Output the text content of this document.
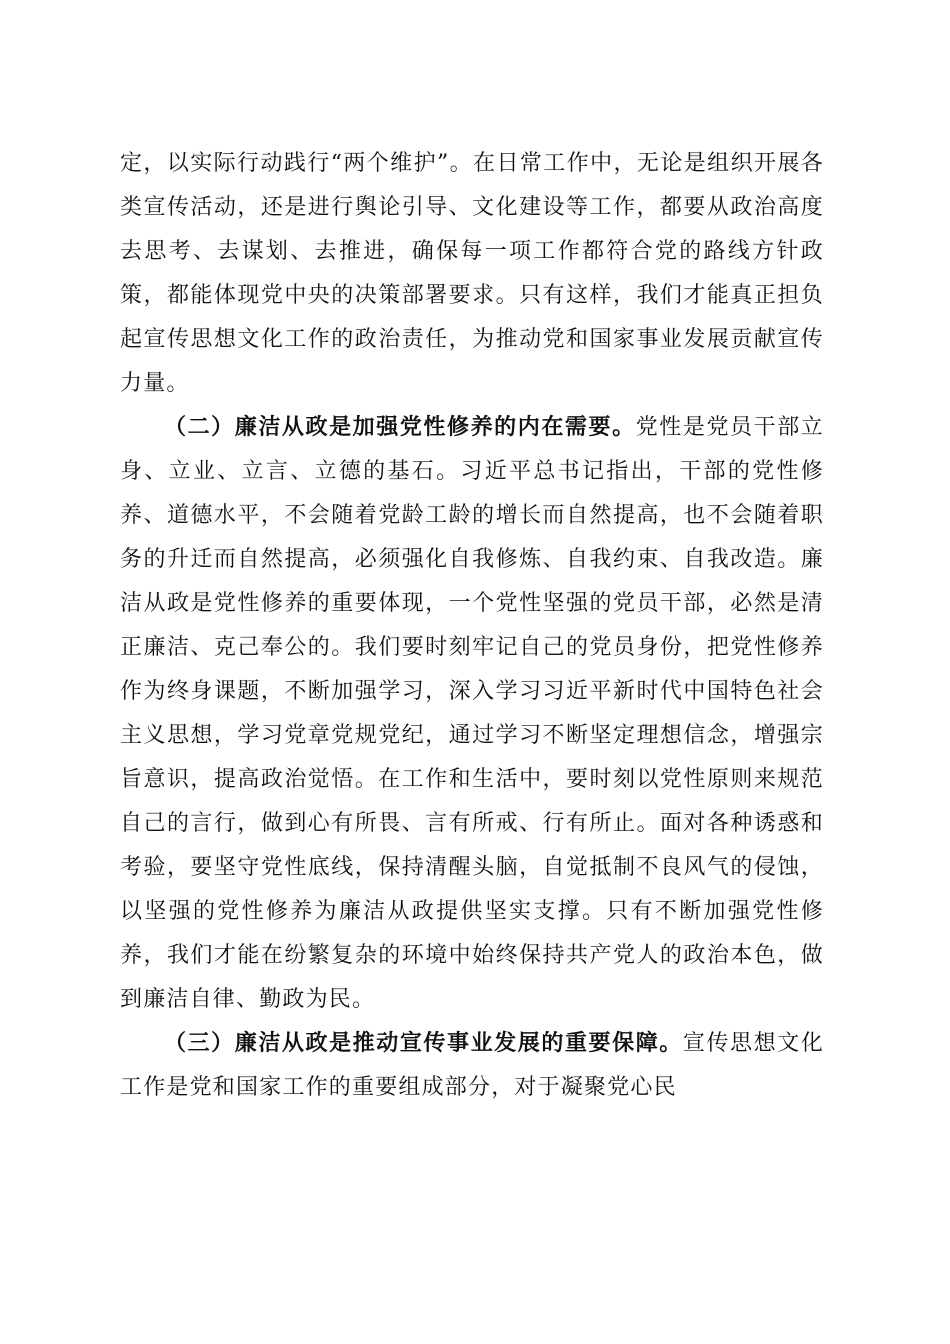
定，以实际行动践行“两个维护”。在日常工作中，无论是组织开展各类宣传活动，还是进行舆论引导、文化建设等工作，都要从政治高度去思考、去谋划、去推进，确保每一项工作都符合党的路线方针政策，都能体现党中央的决策部署要求。只有这样，我们才能真正担负起宣传思想文化工作的政治责任，为推动党和国家事业发展贡献宣传力量。

（二）廉洁从政是加强党性修养的内在需要。党性是党员干部立身、立业、立言、立德的基石。习近平总书记指出，干部的党性修养、道德水平，不会随着党龄工龄的增长而自然提高，也不会随着职务的升迁而自然提高，必须强化自我修炼、自我约束、自我改造。廉洁从政是党性修养的重要体现，一个党性坚强的党员干部，必然是清正廉洁、克己奉公的。我们要时刻牢记自己的党员身份，把党性修养作为终身课题，不断加强学习，深入学习习近平新时代中国特色社会主义思想，学习党章党规党纪，通过学习不断坚定理想信念，增强宗旨意识，提高政治觉悟。在工作和生活中，要时刻以党性原则来规范自己的言行，做到心有所畏、言有所戒、行有所止。面对各种诱惑和考验，要坚守党性底线，保持清醒头脑，自觉抵制不良风气的侵蚀，以坚强的党性修养为廉洁从政提供坚实支撑。只有不断加强党性修养，我们才能在纷繁复杂的环境中始终保持共产党人的政治本色，做到廉洁自律、勤政为民。

（三）廉洁从政是推动宣传事业发展的重要保障。宣传思想文化工作是党和国家工作的重要组成部分，对于凝聚党心民
